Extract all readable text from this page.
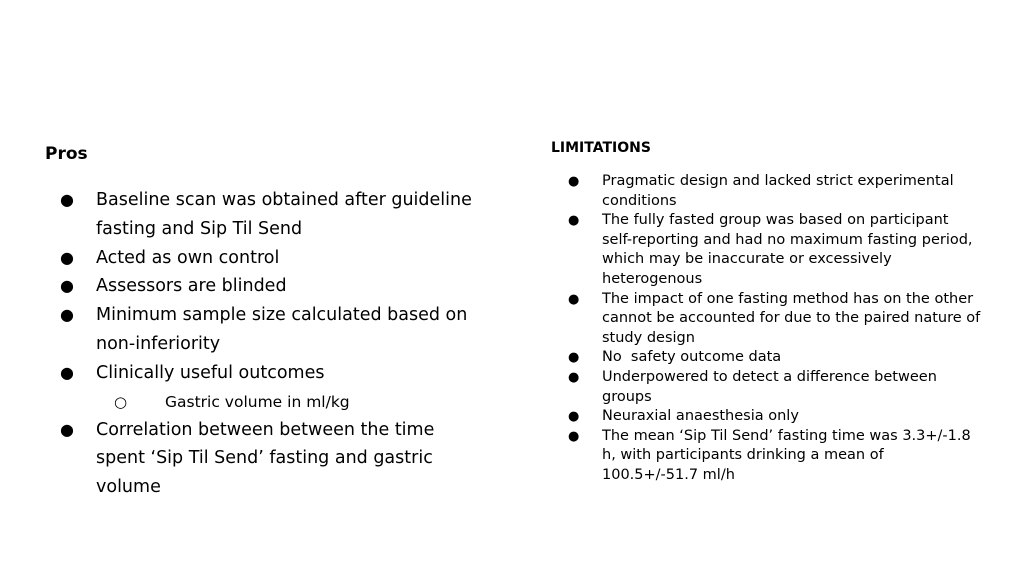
Pros
● Baseline scan was obtained after guideline fasting and Sip Til Send
● Acted as own control
● Assessors are blinded
● Minimum sample size calculated based on non-inferiority
● Clinically useful outcomes
○ Gastric volume in ml/kg
● Correlation between between the time spent ‘Sip Til Send’ fasting and gastric volume
LIMITATIONS
● Pragmatic design and lacked strict experimental conditions
● The fully fasted group was based on participant self-reporting and had no maximum fasting period, which may be inaccurate or excessively heterogenous
● The impact of one fasting method has on the other cannot be accounted for due to the paired nature of study design
● No  safety outcome data
● Underpowered to detect a difference between groups
● Neuraxial anaesthesia only
● The mean ‘Sip Til Send’ fasting time was 3.3+/-1.8 h, with participants drinking a mean of 100.5+/-51.7 ml/h
